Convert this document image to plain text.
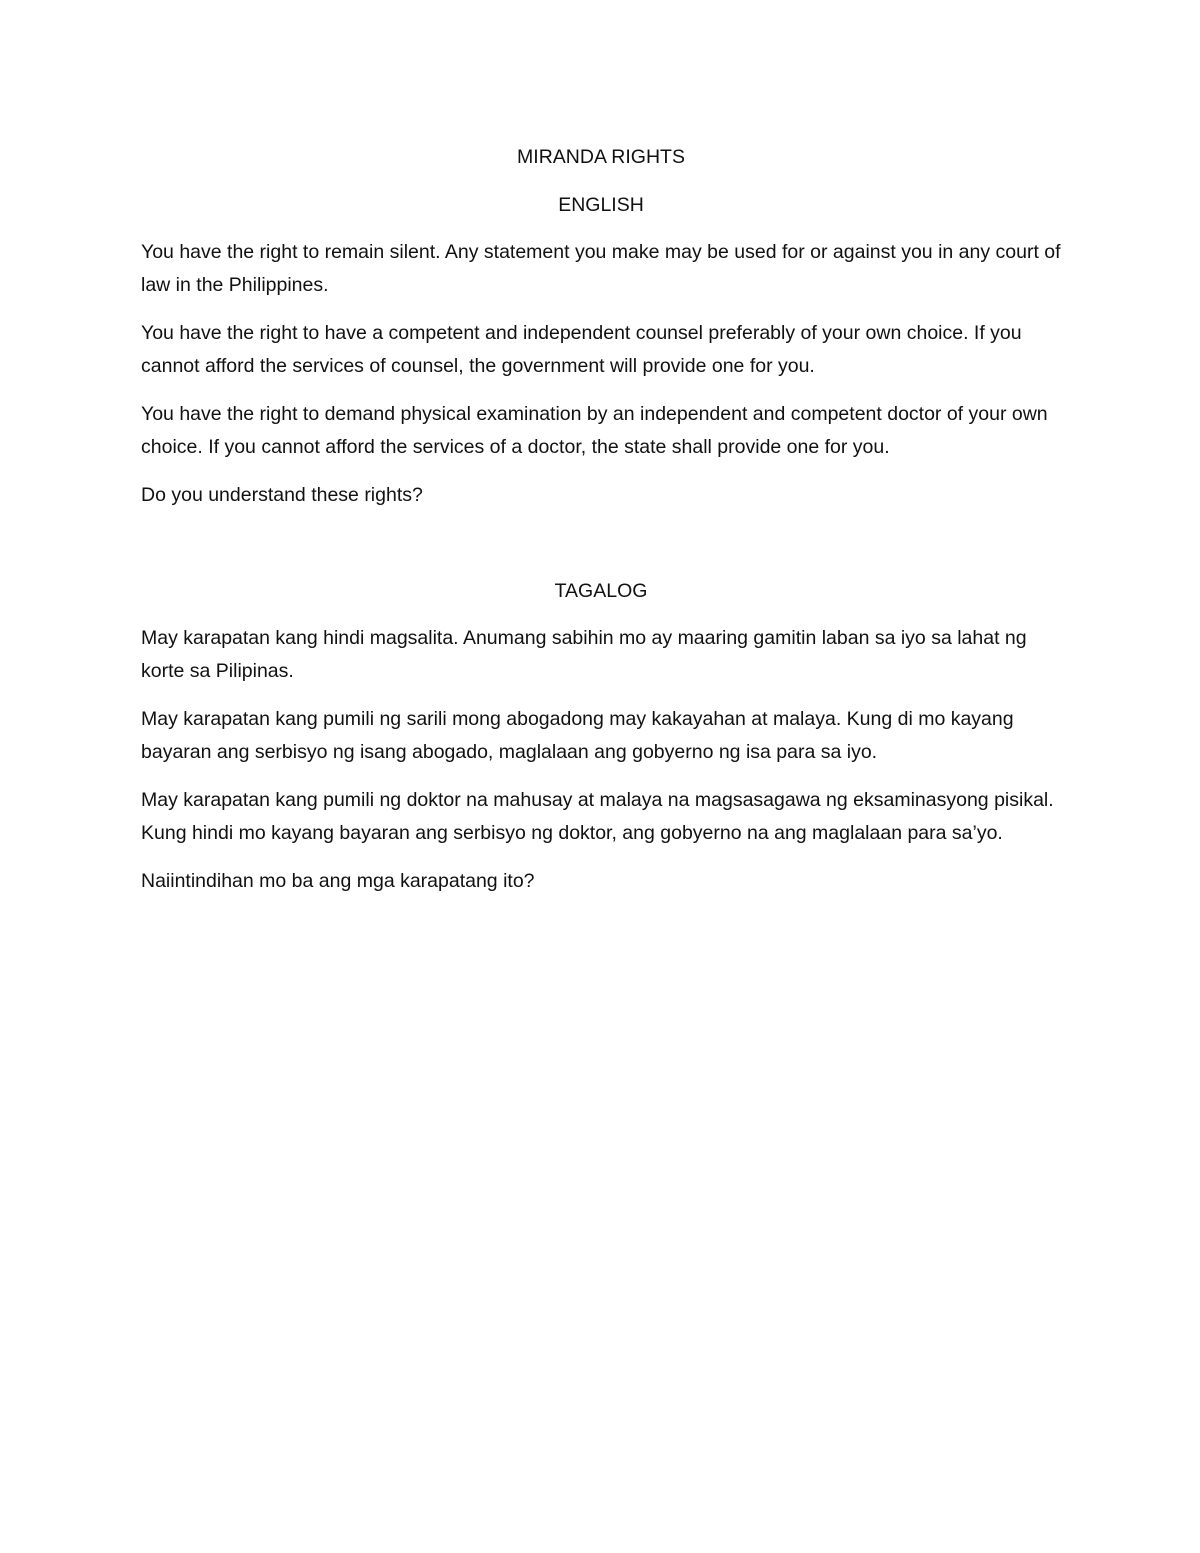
MIRANDA RIGHTS

ENGLISH

You have the right to remain silent. Any statement you make may be used for or against you in any court of law in the Philippines.

You have the right to have a competent and independent counsel preferably of your own choice. If you cannot afford the services of counsel, the government will provide one for you.

You have the right to demand physical examination by an independent and competent doctor of your own choice. If you cannot afford the services of a doctor, the state shall provide one for you.

Do you understand these rights?

TAGALOG

May karapatan kang hindi magsalita. Anumang sabihin mo ay maaring gamitin laban sa iyo sa lahat ng korte sa Pilipinas.

May karapatan kang pumili ng sarili mong abogadong may kakayahan at malaya. Kung di mo kayang bayaran ang serbisyo ng isang abogado, maglalaan ang gobyerno ng isa para sa iyo.

May karapatan kang pumili ng doktor na mahusay at malaya na magsasagawa ng eksaminasyong pisikal. Kung hindi mo kayang bayaran ang serbisyo ng doktor, ang gobyerno na ang maglalaan para sa’yo.

Naiintindihan mo ba ang mga karapatang ito?
